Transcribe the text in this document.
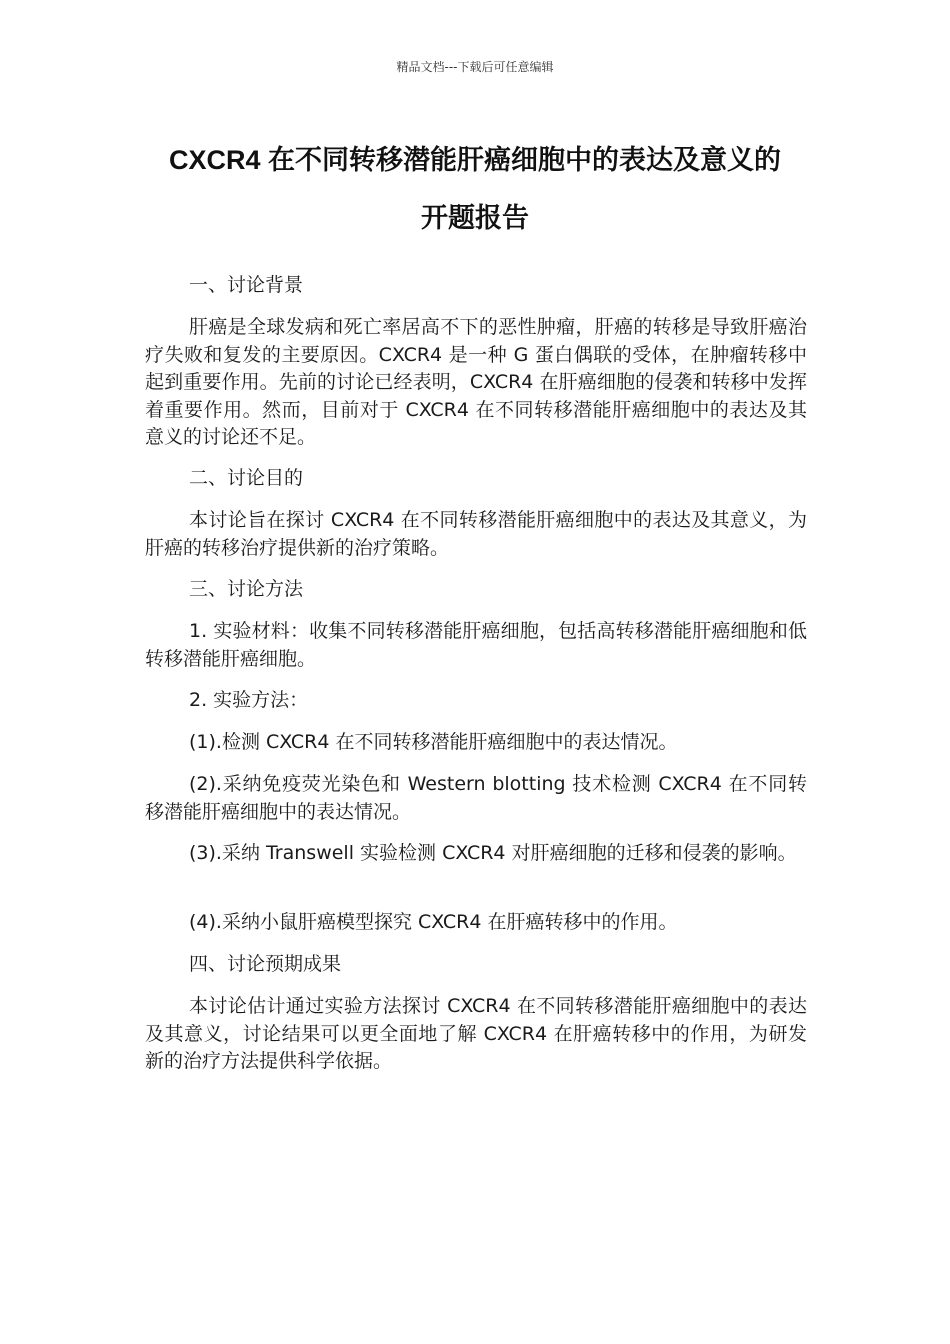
精品文档---下载后可任意编辑
CXCR4 在不同转移潜能肝癌细胞中的表达及意义的
开题报告
一、讨论背景
肝癌是全球发病和死亡率居高不下的恶性肿瘤，肝癌的转移是导致肝癌治疗失败和复发的主要原因。CXCR4 是一种 G 蛋白偶联的受体，在肿瘤转移中起到重要作用。先前的讨论已经表明，CXCR4 在肝癌细胞的侵袭和转移中发挥着重要作用。然而，目前对于 CXCR4 在不同转移潜能肝癌细胞中的表达及其意义的讨论还不足。
二、讨论目的
本讨论旨在探讨 CXCR4 在不同转移潜能肝癌细胞中的表达及其意义，为肝癌的转移治疗提供新的治疗策略。
三、讨论方法
1. 实验材料：收集不同转移潜能肝癌细胞，包括高转移潜能肝癌细胞和低转移潜能肝癌细胞。
2. 实验方法：
(1).检测 CXCR4 在不同转移潜能肝癌细胞中的表达情况。
(2).采纳免疫荧光染色和 Western blotting 技术检测 CXCR4 在不同转移潜能肝癌细胞中的表达情况。
(3).采纳 Transwell 实验检测 CXCR4 对肝癌细胞的迁移和侵袭的影响。
(4).采纳小鼠肝癌模型探究 CXCR4 在肝癌转移中的作用。
四、讨论预期成果
本讨论估计通过实验方法探讨 CXCR4 在不同转移潜能肝癌细胞中的表达及其意义，讨论结果可以更全面地了解 CXCR4 在肝癌转移中的作用，为研发新的治疗方法提供科学依据。
